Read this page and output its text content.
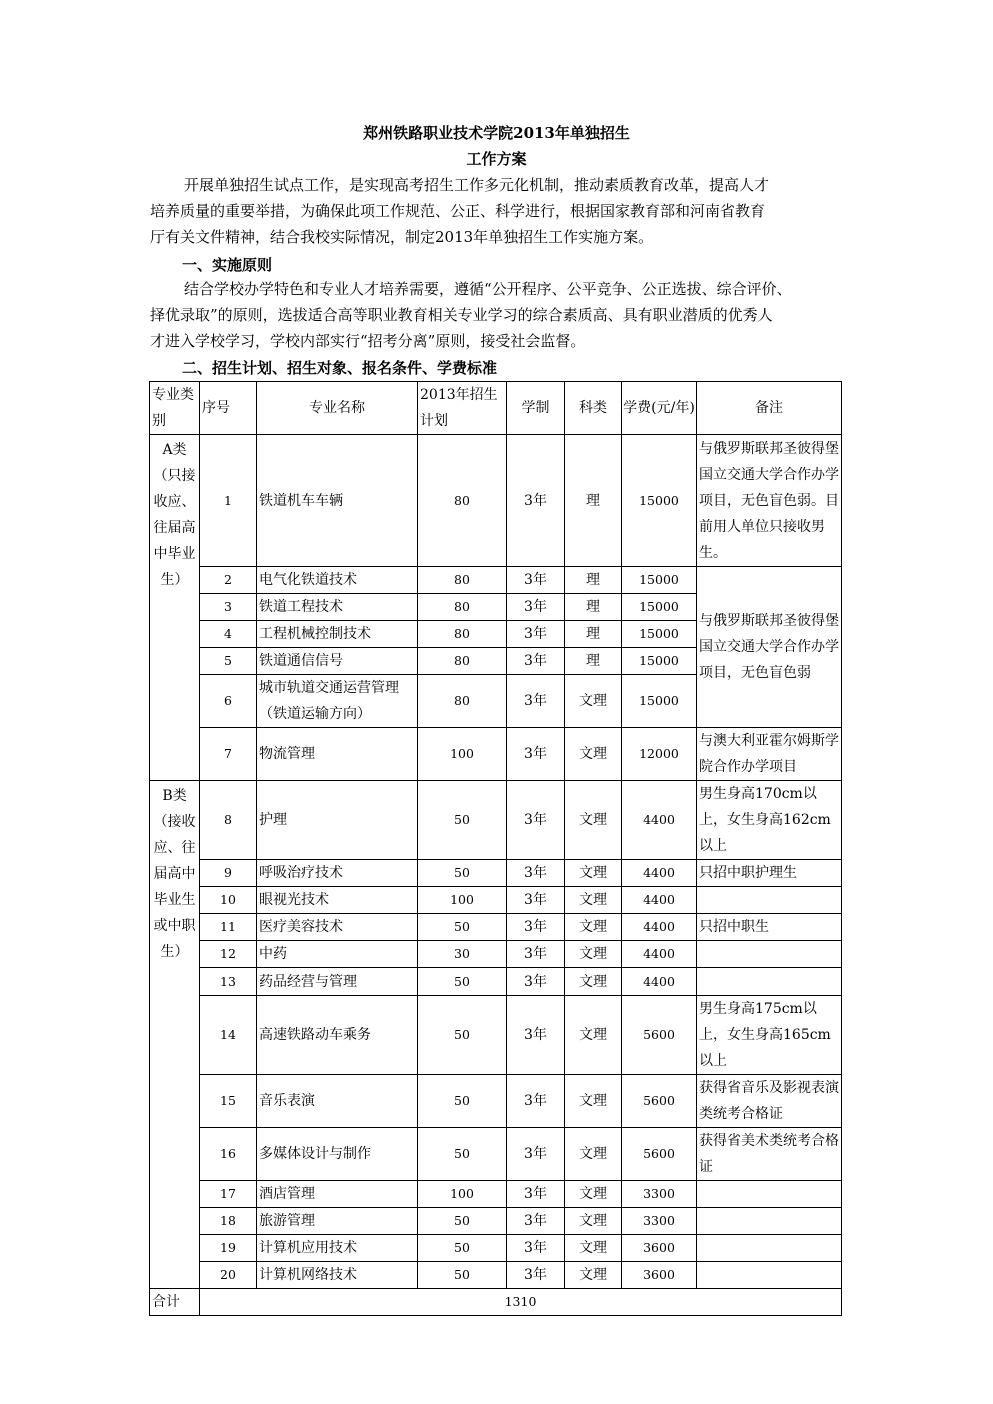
郑州铁路职业技术学院2013年单独招生
工作方案
开展单独招生试点工作，是实现高考招生工作多元化机制，推动素质教育改革，提高人才
培养质量的重要举措，为确保此项工作规范、公正、科学进行，根据国家教育部和河南省教育
厅有关文件精神，结合我校实际情况，制定2013年单独招生工作实施方案。
一、实施原则
结合学校办学特色和专业人才培养需要，遵循“公开程序、公平竞争、公正选拔、综合评价、
择优录取”的原则，选拔适合高等职业教育相关专业学习的综合素质高、具有职业潜质的优秀人
才进入学校学习，学校内部实行“招考分离”原则，接受社会监督。
二、招生计划、招生对象、报名条件、学费标准
专业类别	序号	专业名称	2013年招生计划	学制	科类	学费(元/年)	备注
A类（只接收应、往届高中毕业生）	1	铁道机车车辆	80	3年	理	15000	与俄罗斯联邦圣彼得堡国立交通大学合作办学项目，无色盲色弱。目前用人单位只接收男生。
	2	电气化铁道技术	80	3年	理	15000	与俄罗斯联邦圣彼得堡国立交通大学合作办学项目，无色盲色弱
	3	铁道工程技术	80	3年	理	15000	
	4	工程机械控制技术	80	3年	理	15000	
	5	铁道通信信号	80	3年	理	15000	
	6	城市轨道交通运营管理（铁道运输方向）	80	3年	文理	15000	
	7	物流管理	100	3年	文理	12000	与澳大利亚霍尔姆斯学院合作办学项目
B类（接收应、往届高中毕业生或中职生）	8	护理	50	3年	文理	4400	男生身高170cm以上，女生身高162cm以上
	9	呼吸治疗技术	50	3年	文理	4400	只招中职护理生
	10	眼视光技术	100	3年	文理	4400	
	11	医疗美容技术	50	3年	文理	4400	只招中职生
	12	中药	30	3年	文理	4400	
	13	药品经营与管理	50	3年	文理	4400	
	14	高速铁路动车乘务	50	3年	文理	5600	男生身高175cm以上，女生身高165cm以上
	15	音乐表演	50	3年	文理	5600	获得省音乐及影视表演类统考合格证
	16	多媒体设计与制作	50	3年	文理	5600	获得省美术类统考合格证
	17	酒店管理	100	3年	文理	3300	
	18	旅游管理	50	3年	文理	3300	
	19	计算机应用技术	50	3年	文理	3600	
	20	计算机网络技术	50	3年	文理	3600	
合计	1310						
